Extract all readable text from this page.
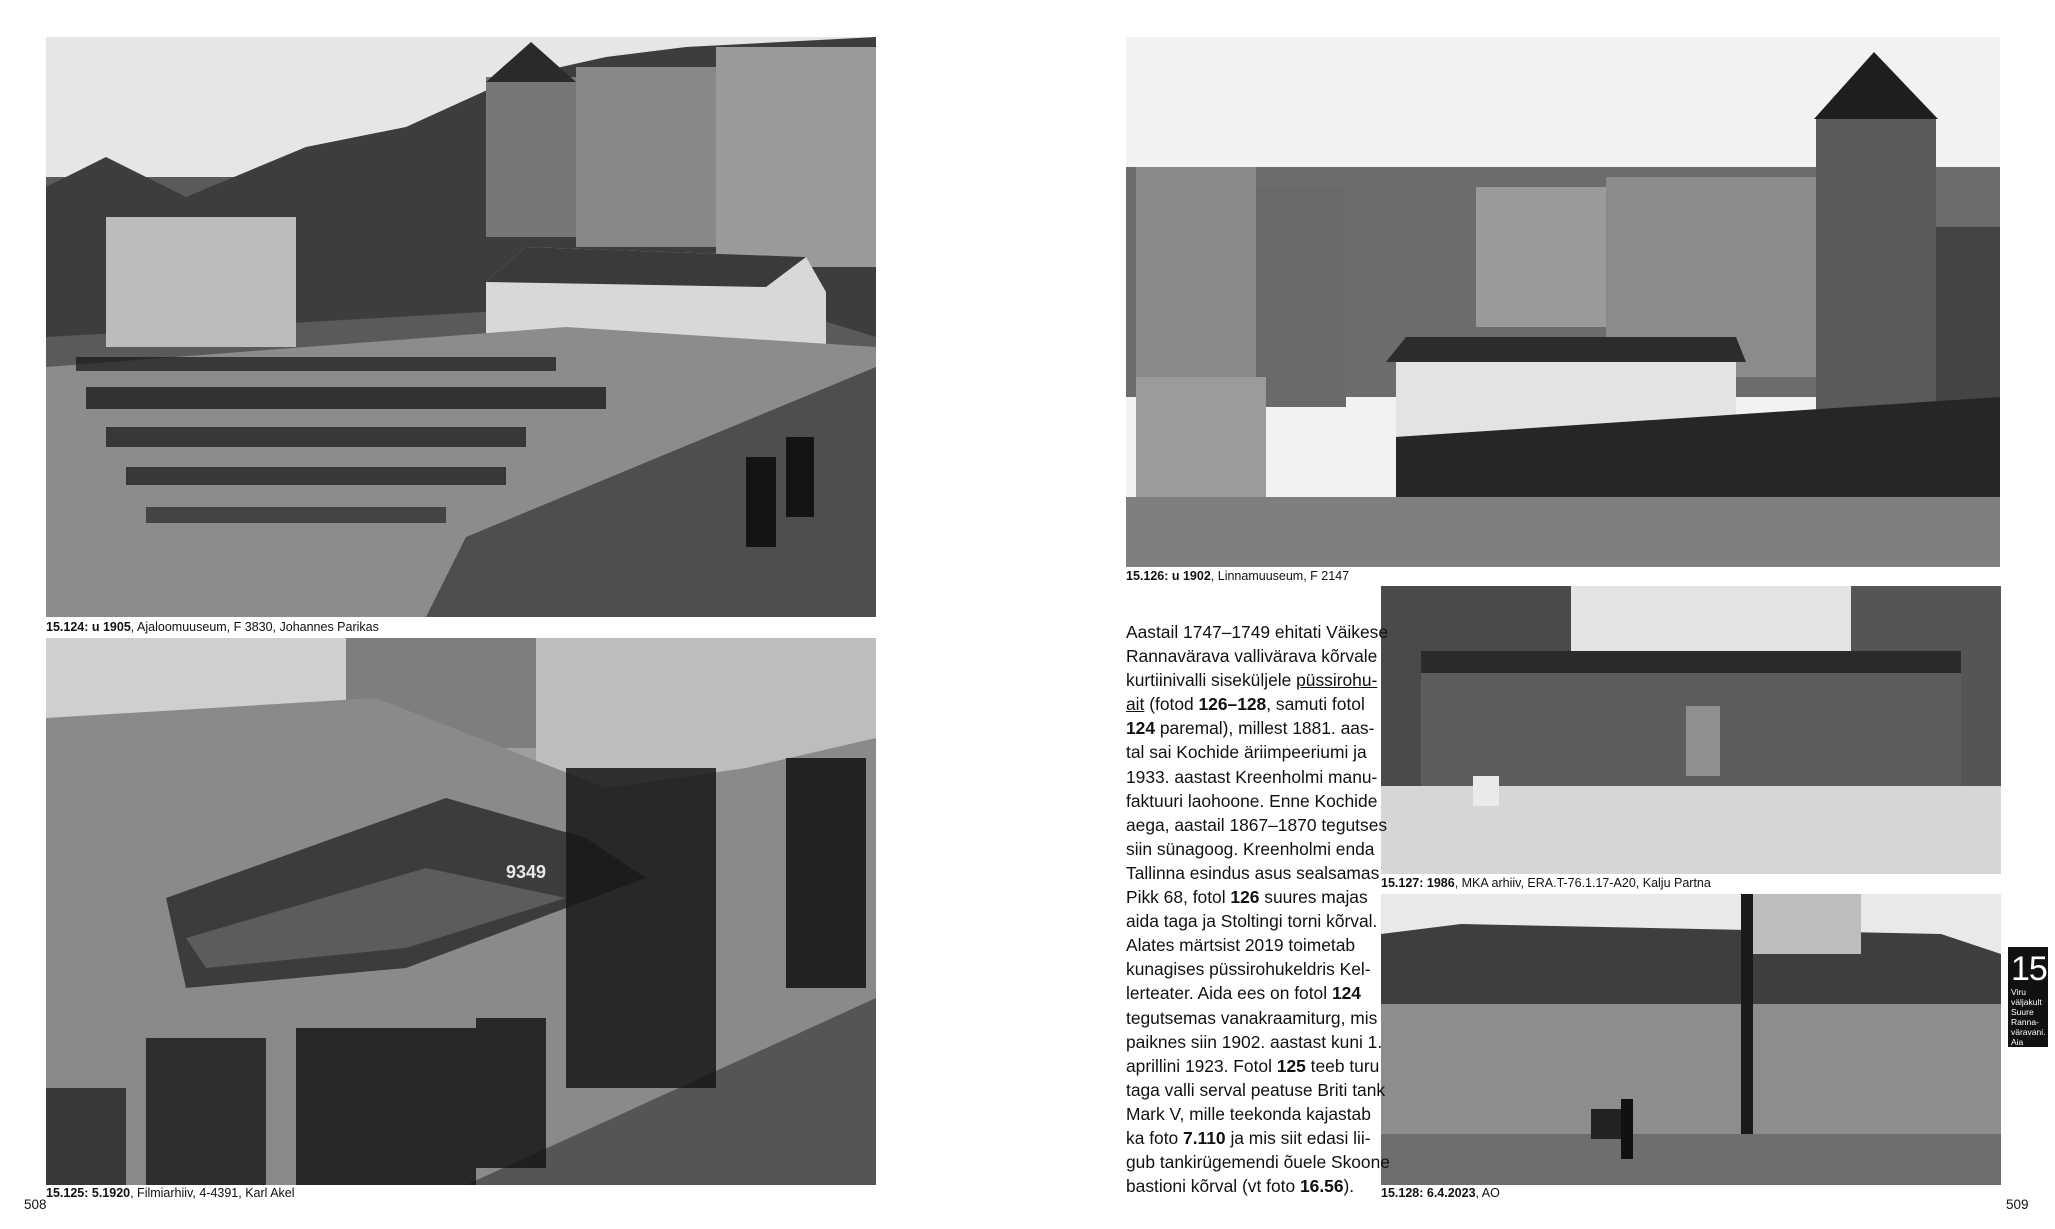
15.124: u 1905, Ajaloomuuseum, F 3830, Johannes Parikas
9349
15.125: 5.1920, Filmiarhiiv, 4-4391, Karl Akel
15.126: u 1902, Linnamuuseum, F 2147
15.127: 1986, MKA arhiiv, ERA.T-76.1.17-A20, Kalju Partna
15.128: 6.4.2023, AO

Aastail 1747–1749 ehitati Väikese

Rannavärava vallivärava kõrvale

kurtiinivalli siseküljele püssirohu-

ait (fotod 126–128, samuti fotol

124 paremal), millest 1881. aas-

tal sai Kochide äriimpeeriumi ja

1933. aastast Kreenholmi manu-

faktuuri laohoone. Enne Kochide

aega, aastail 1867–1870 tegutses

siin sünagoog. Kreenholmi enda

Tallinna esindus asus sealsamas

Pikk 68, fotol 126 suures majas

aida taga ja Stoltingi torni kõrval.

Alates märtsist 2019 toimetab

kunagises püssirohukeldris Kel-

lerteater. Aida ees on fotol 124

tegutsemas vanakraamiturg, mis

paiknes siin 1902. aastast kuni 1.

aprillini 1923. Fotol 125 teeb turu

taga valli serval peatuse Briti tank

Mark V, mille teekonda kajastab

ka foto 7.110 ja mis siit edasi lii-

gub tankirügemendi õuele Skoone

bastioni kõrval (vt foto 16.56).

508	509
15.
Viru väljakult
Suure Ranna-
väravani.
Aia tänav
